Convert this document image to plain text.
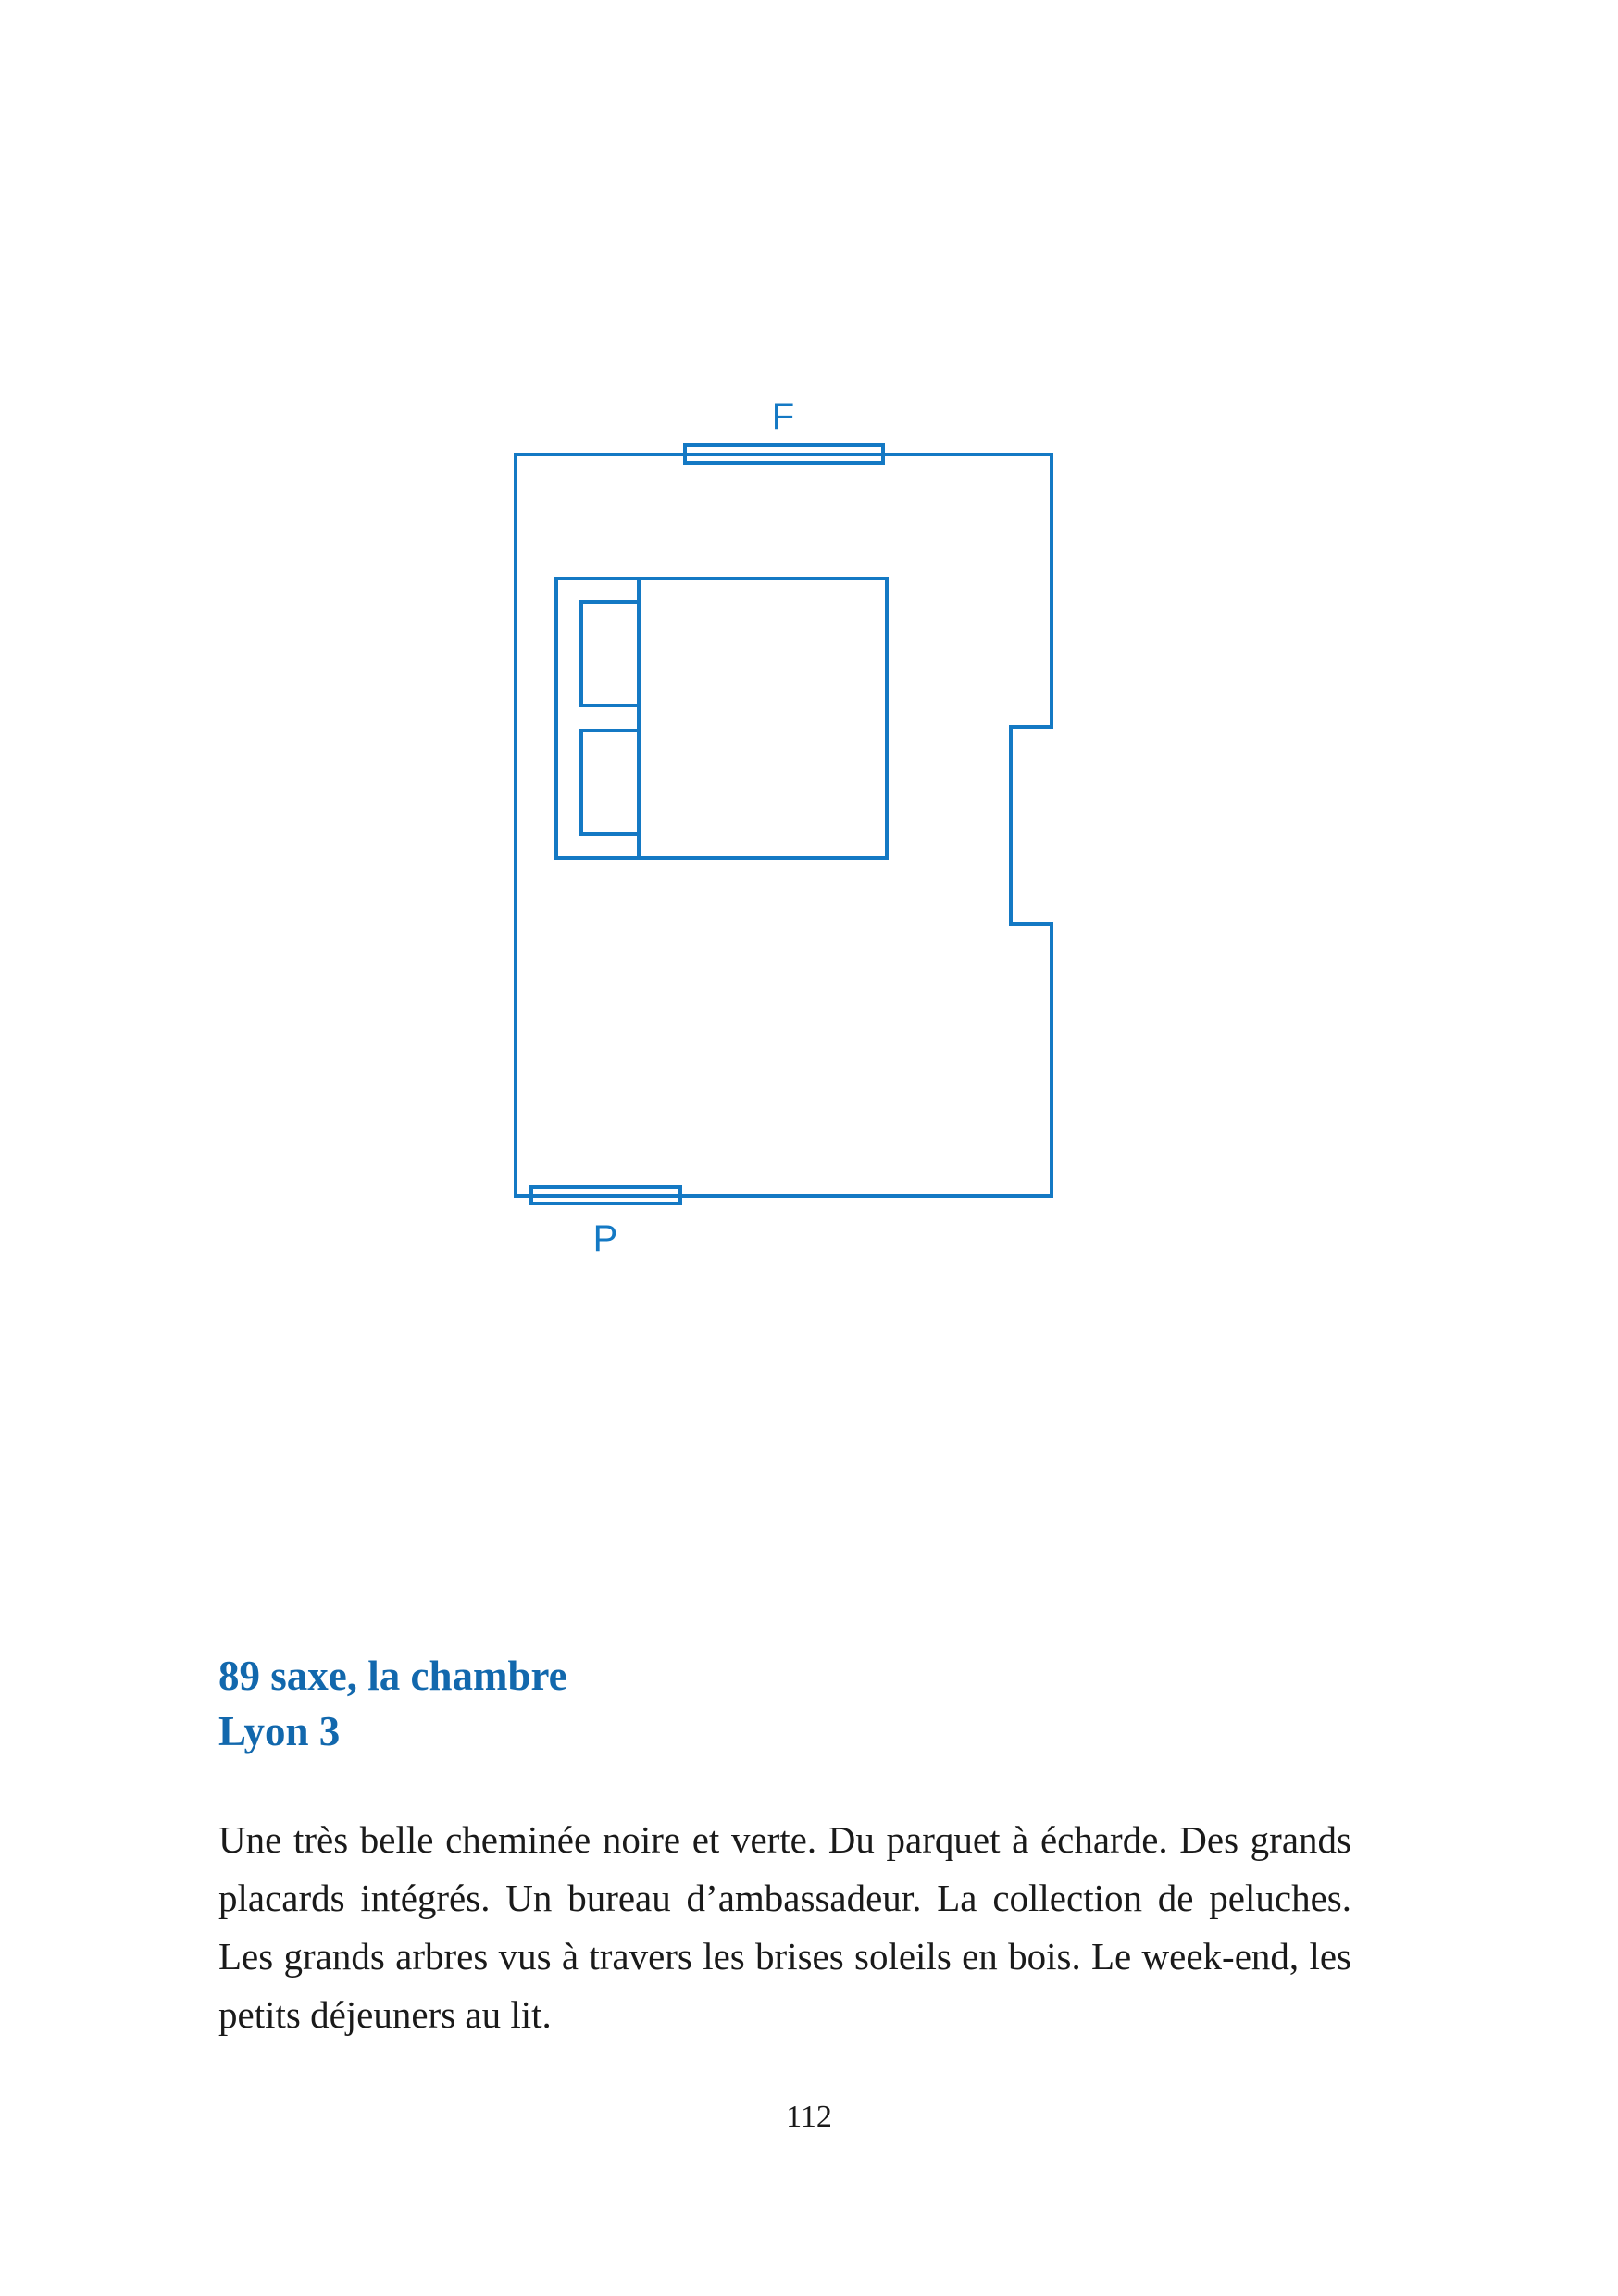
F
P
89 saxe, la chambre
Lyon 3

Une très belle cheminée noire et verte. Du parquet à écharde. Des grands placards intégrés. Un bureau d’ambassadeur. La collection de peluches. Les grands arbres vus à travers les brises soleils en bois. Le week-end, les petits déjeuners au lit.

112
